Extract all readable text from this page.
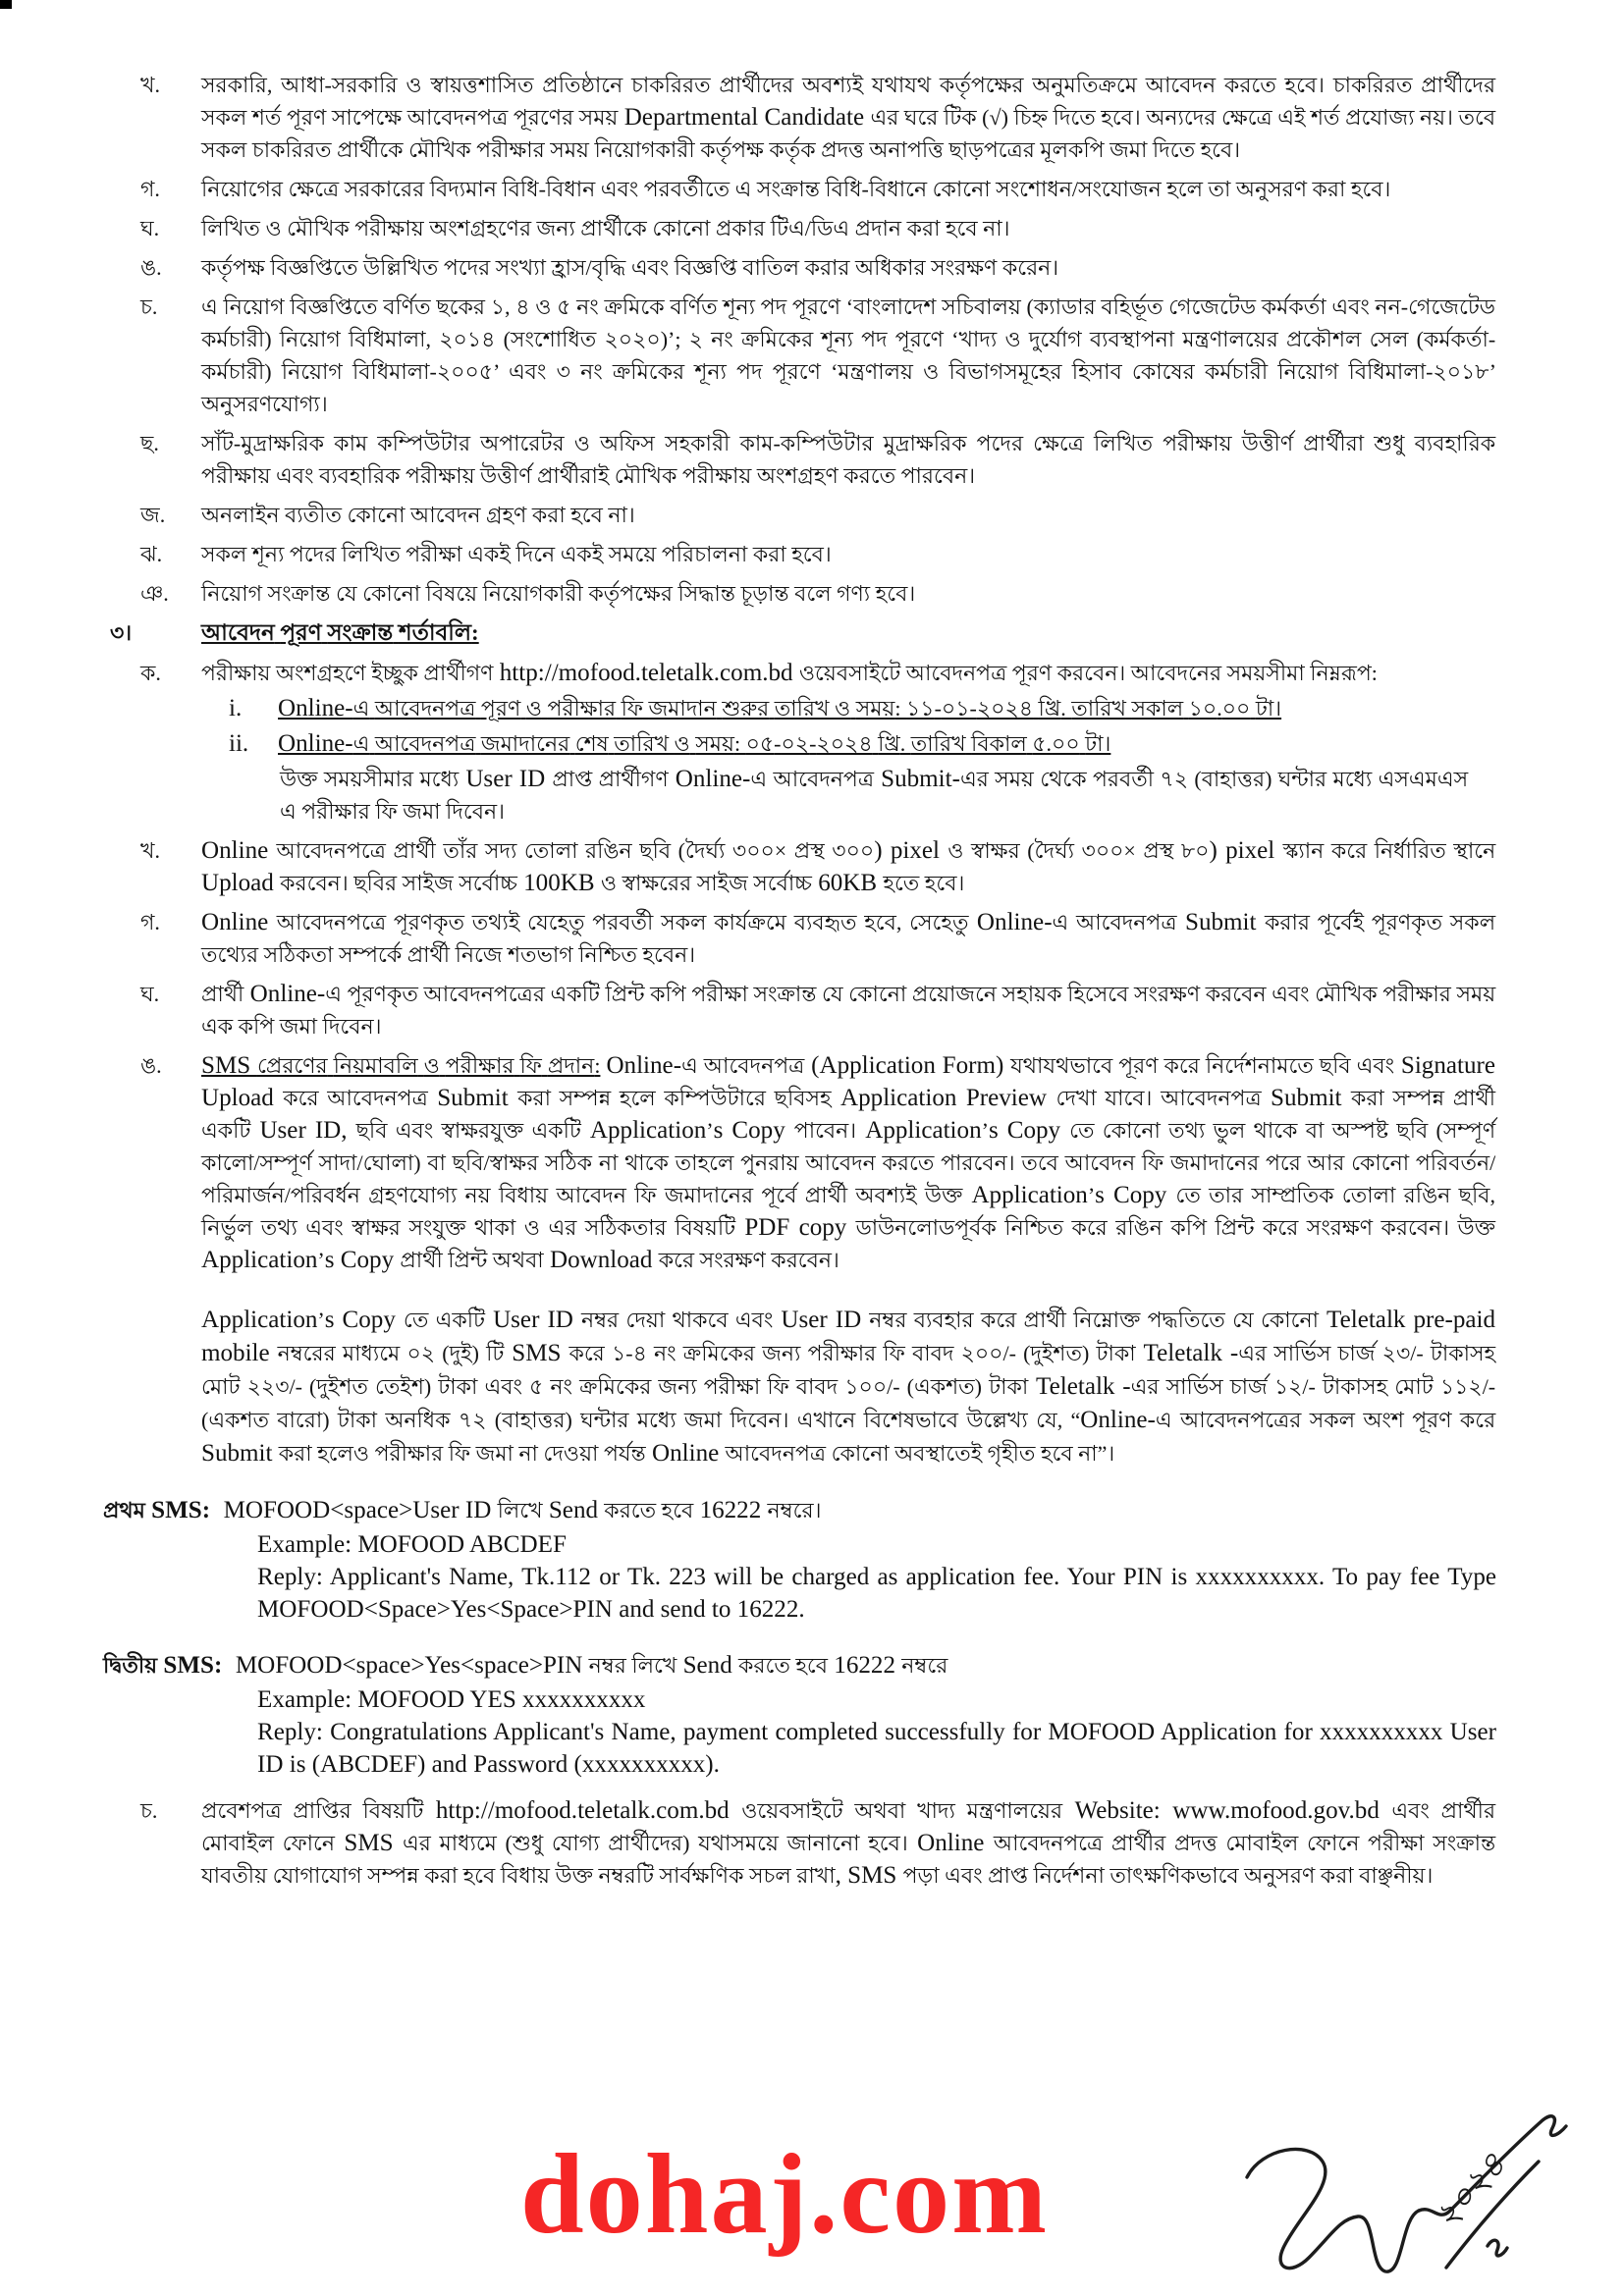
খ.	সরকারি, আধা-সরকারি ও স্বায়ত্তশাসিত প্রতিষ্ঠানে চাকরিরত প্রার্থীদের অবশ্যই যথাযথ কর্তৃপক্ষের অনুমতিক্রমে আবেদন করতে হবে। চাকরিরত প্রার্থীদের সকল শর্ত পূরণ সাপেক্ষে আবেদনপত্র পূরণের সময় Departmental Candidate এর ঘরে টিক (√) চিহ্ন দিতে হবে। অন্যদের ক্ষেত্রে এই শর্ত প্রযোজ্য নয়। তবে সকল চাকরিরত প্রার্থীকে মৌখিক পরীক্ষার সময় নিয়োগকারী কর্তৃপক্ষ কর্তৃক প্রদত্ত অনাপত্তি ছাড়পত্রের মূলকপি জমা দিতে হবে।
গ.	নিয়োগের ক্ষেত্রে সরকারের বিদ্যমান বিধি-বিধান এবং পরবর্তীতে এ সংক্রান্ত বিধি-বিধানে কোনো সংশোধন/সংযোজন হলে তা অনুসরণ করা হবে।
ঘ.	লিখিত ও মৌখিক পরীক্ষায় অংশগ্রহণের জন্য প্রার্থীকে কোনো প্রকার টিএ/ডিএ প্রদান করা হবে না।
ঙ.	কর্তৃপক্ষ বিজ্ঞপ্তিতে উল্লিখিত পদের সংখ্যা হ্রাস/বৃদ্ধি এবং বিজ্ঞপ্তি বাতিল করার অধিকার সংরক্ষণ করেন।
চ.	এ নিয়োগ বিজ্ঞপ্তিতে বর্ণিত ছকের ১, ৪ ও ৫ নং ক্রমিকে বর্ণিত শূন্য পদ পূরণে ‘বাংলাদেশ সচিবালয় (ক্যাডার বহির্ভূত গেজেটেড কর্মকর্তা এবং নন-গেজেটেড কর্মচারী) নিয়োগ বিধিমালা, ২০১৪ (সংশোধিত ২০২০)’; ২ নং ক্রমিকের শূন্য পদ পূরণে ‘খাদ্য ও দুর্যোগ ব্যবস্থাপনা মন্ত্রণালয়ের প্রকৌশল সেল (কর্মকর্তা-কর্মচারী) নিয়োগ বিধিমালা-২০০৫’ এবং ৩ নং ক্রমিকের শূন্য পদ পূরণে ‘মন্ত্রণালয় ও বিভাগসমূহের হিসাব কোষের কর্মচারী নিয়োগ বিধিমালা-২০১৮’ অনুসরণযোগ্য।
ছ.	সাঁট-মুদ্রাক্ষরিক কাম কম্পিউটার অপারেটর ও অফিস সহকারী কাম-কম্পিউটার মুদ্রাক্ষরিক পদের ক্ষেত্রে লিখিত পরীক্ষায় উত্তীর্ণ প্রার্থীরা শুধু ব্যবহারিক পরীক্ষায় এবং ব্যবহারিক পরীক্ষায় উত্তীর্ণ প্রার্থীরাই মৌখিক পরীক্ষায় অংশগ্রহণ করতে পারবেন।
জ.	অনলাইন ব্যতীত কোনো আবেদন গ্রহণ করা হবে না।
ঝ.	সকল শূন্য পদের লিখিত পরীক্ষা একই দিনে একই সময়ে পরিচালনা করা হবে।
ঞ.	নিয়োগ সংক্রান্ত যে কোনো বিষয়ে নিয়োগকারী কর্তৃপক্ষের সিদ্ধান্ত চূড়ান্ত বলে গণ্য হবে।
৩।	আবেদন পূরণ সংক্রান্ত শর্তাবলি:
ক.	পরীক্ষায় অংশগ্রহণে ইচ্ছুক প্রার্থীগণ http://mofood.teletalk.com.bd ওয়েবসাইটে আবেদনপত্র পূরণ করবেন। আবেদনের সময়সীমা নিম্নরূপ:
i.	Online-এ আবেদনপত্র পূরণ ও পরীক্ষার ফি জমাদান শুরুর তারিখ ও সময়: ১১-০১-২০২৪ খ্রি. তারিখ সকাল ১০.০০ টা।
ii.	Online-এ আবেদনপত্র জমাদানের শেষ তারিখ ও সময়: ০৫-০২-২০২৪ খ্রি. তারিখ বিকাল ৫.০০ টা।
উক্ত সময়সীমার মধ্যে User ID প্রাপ্ত প্রার্থীগণ Online-এ আবেদনপত্র Submit-এর সময় থেকে পরবর্তী ৭২ (বাহাত্তর) ঘন্টার মধ্যে এসএমএস এ পরীক্ষার ফি জমা দিবেন।
খ.	Online আবেদনপত্রে প্রার্থী তাঁর সদ্য তোলা রঙিন ছবি (দৈর্ঘ্য ৩০০× প্রস্থ ৩০০) pixel ও স্বাক্ষর (দৈর্ঘ্য ৩০০× প্রস্থ ৮০) pixel স্ক্যান করে নির্ধারিত স্থানে Upload করবেন। ছবির সাইজ সর্বোচ্চ 100KB ও স্বাক্ষরের সাইজ সর্বোচ্চ 60KB হতে হবে।
গ.	Online আবেদনপত্রে পূরণকৃত তথ্যই যেহেতু পরবর্তী সকল কার্যক্রমে ব্যবহৃত হবে, সেহেতু Online-এ আবেদনপত্র Submit করার পূর্বেই পূরণকৃত সকল তথ্যের সঠিকতা সম্পর্কে প্রার্থী নিজে শতভাগ নিশ্চিত হবেন।
ঘ.	প্রার্থী Online-এ পূরণকৃত আবেদনপত্রের একটি প্রিন্ট কপি পরীক্ষা সংক্রান্ত যে কোনো প্রয়োজনে সহায়ক হিসেবে সংরক্ষণ করবেন এবং মৌখিক পরীক্ষার সময় এক কপি জমা দিবেন।
ঙ.	SMS প্রেরণের নিয়মাবলি ও পরীক্ষার ফি প্রদান: Online-এ আবেদনপত্র (Application Form) যথাযথভাবে পূরণ করে নির্দেশনামতে ছবি এবং Signature Upload করে আবেদনপত্র Submit করা সম্পন্ন হলে কম্পিউটারে ছবিসহ Application Preview দেখা যাবে। আবেদনপত্র Submit করা সম্পন্ন প্রার্থী একটি User ID, ছবি এবং স্বাক্ষরযুক্ত একটি Application’s Copy পাবেন। Application’s Copy তে কোনো তথ্য ভুল থাকে বা অস্পষ্ট ছবি (সম্পূর্ণ কালো/সম্পূর্ণ সাদা/ঘোলা) বা ছবি/স্বাক্ষর সঠিক না থাকে তাহলে পুনরায় আবেদন করতে পারবেন। তবে আবেদন ফি জমাদানের পরে আর কোনো পরিবর্তন/পরিমার্জন/পরিবর্ধন গ্রহণযোগ্য নয় বিধায় আবেদন ফি জমাদানের পূর্বে প্রার্থী অবশ্যই উক্ত Application’s Copy তে তার সাম্প্রতিক তোলা রঙিন ছবি, নির্ভুল তথ্য এবং স্বাক্ষর সংযুক্ত থাকা ও এর সঠিকতার বিষয়টি PDF copy ডাউনলোডপূর্বক নিশ্চিত করে রঙিন কপি প্রিন্ট করে সংরক্ষণ করবেন। উক্ত Application’s Copy প্রার্থী প্রিন্ট অথবা Download করে সংরক্ষণ করবেন।
Application’s Copy তে একটি User ID নম্বর দেয়া থাকবে এবং User ID নম্বর ব্যবহার করে প্রার্থী নিম্নোক্ত পদ্ধতিতে যে কোনো Teletalk pre-paid mobile নম্বরের মাধ্যমে ০২ (দুই) টি SMS করে ১-৪ নং ক্রমিকের জন্য পরীক্ষার ফি বাবদ ২০০/- (দুইশত) টাকা Teletalk -এর সার্ভিস চার্জ ২৩/- টাকাসহ মোট ২২৩/- (দুইশত তেইশ) টাকা এবং ৫ নং ক্রমিকের জন্য পরীক্ষা ফি বাবদ ১০০/- (একশত) টাকা Teletalk -এর সার্ভিস চার্জ ১২/- টাকাসহ মোট ১১২/- (একশত বারো) টাকা অনধিক ৭২ (বাহাত্তর) ঘন্টার মধ্যে জমা দিবেন। এখানে বিশেষভাবে উল্লেখ্য যে, “Online-এ আবেদনপত্রের সকল অংশ পূরণ করে Submit করা হলেও পরীক্ষার ফি জমা না দেওয়া পর্যন্ত Online আবেদনপত্র কোনো অবস্থাতেই গৃহীত হবে না”।
প্রথম SMS: MOFOOD<space>User ID লিখে Send করতে হবে 16222 নম্বরে।
Example: MOFOOD ABCDEF
Reply: Applicant's Name, Tk.112 or Tk. 223 will be charged as application fee. Your PIN is xxxxxxxxxx. To pay fee Type MOFOOD<Space>Yes<Space>PIN and send to 16222.
দ্বিতীয় SMS: MOFOOD<space>Yes<space>PIN নম্বর লিখে Send করতে হবে 16222 নম্বরে
Example: MOFOOD YES xxxxxxxxxx
Reply: Congratulations Applicant's Name, payment completed successfully for MOFOOD Application for xxxxxxxxxx User ID is (ABCDEF) and Password (xxxxxxxxxx).
চ.	প্রবেশপত্র প্রাপ্তির বিষয়টি http://mofood.teletalk.com.bd ওয়েবসাইটে অথবা খাদ্য মন্ত্রণালয়ের Website: www.mofood.gov.bd এবং প্রার্থীর মোবাইল ফোনে SMS এর মাধ্যমে (শুধু যোগ্য প্রার্থীদের) যথাসময়ে জানানো হবে। Online আবেদনপত্রে প্রার্থীর প্রদত্ত মোবাইল ফোনে পরীক্ষা সংক্রান্ত যাবতীয় যোগাযোগ সম্পন্ন করা হবে বিধায় উক্ত নম্বরটি সার্বক্ষণিক সচল রাখা, SMS পড়া এবং প্রাপ্ত নির্দেশনা তাৎক্ষণিকভাবে অনুসরণ করা বাঞ্ছনীয়।
dohaj.com	২০২৪
